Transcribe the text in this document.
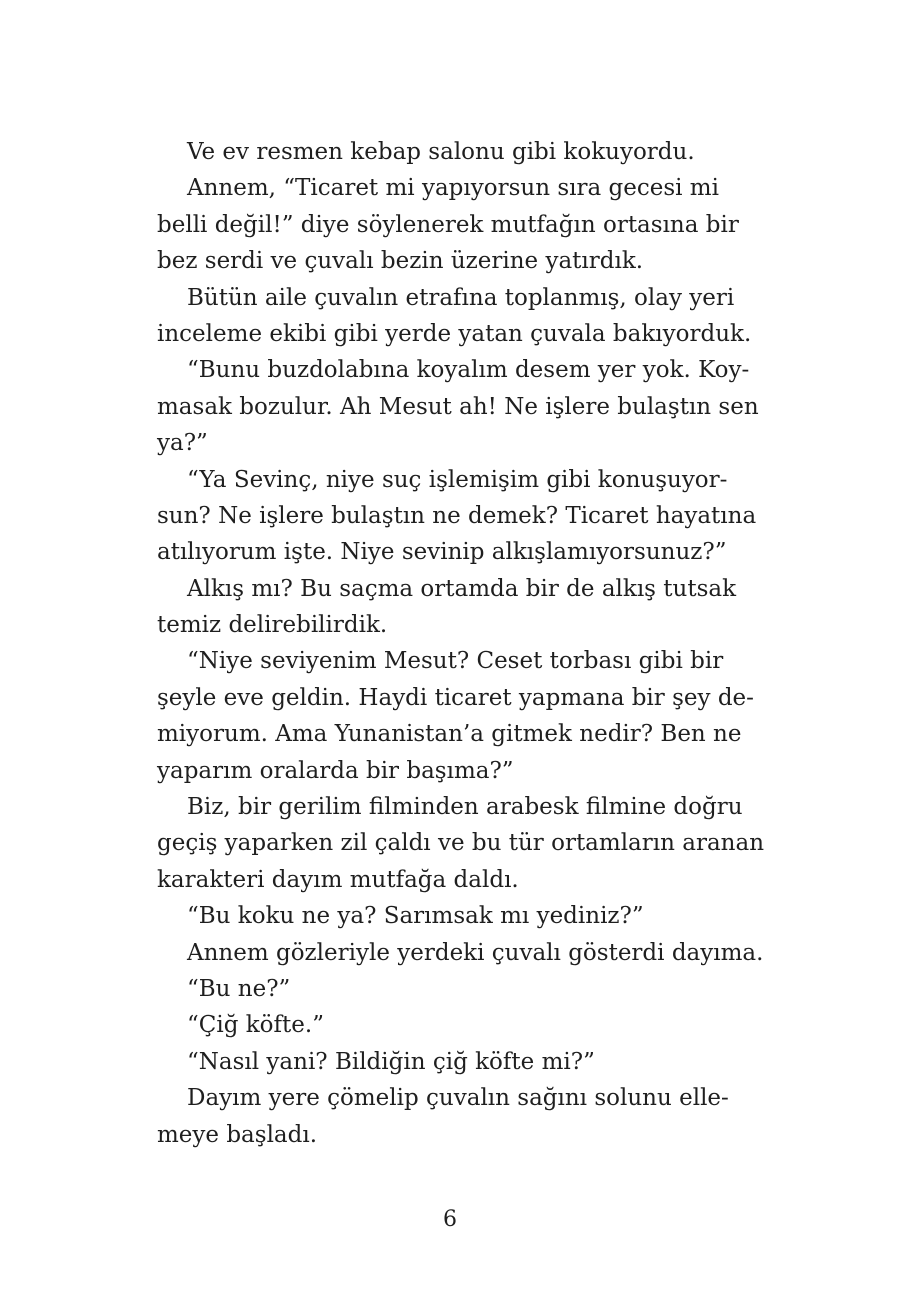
Ve ev resmen kebap salonu gibi kokuyordu.
Annem, “Ticaret mi yapıyorsun sıra gecesi mi
belli değil!” diye söylenerek mutfağın ortasına bir
bez serdi ve çuvalı bezin üzerine yatırdık.
Bütün aile çuvalın etrafına toplanmış, olay yeri
inceleme ekibi gibi yerde yatan çuvala bakıyorduk.
“Bunu buzdolabına koyalım desem yer yok. Koy-
masak bozulur. Ah Mesut ah! Ne işlere bulaştın sen
ya?”
“Ya Sevinç, niye suç işlemişim gibi konuşuyor-
sun? Ne işlere bulaştın ne demek? Ticaret hayatına
atılıyorum işte. Niye sevinip alkışlamıyorsunuz?”
Alkış mı? Bu saçma ortamda bir de alkış tutsak
temiz delirebilirdik.
“Niye seviyenim Mesut? Ceset torbası gibi bir
şeyle eve geldin. Haydi ticaret yapmana bir şey de-
miyorum. Ama Yunanistan’a gitmek nedir? Ben ne
yaparım oralarda bir başıma?”
Biz, bir gerilim filminden arabesk filmine doğru
geçiş yaparken zil çaldı ve bu tür ortamların aranan
karakteri dayım mutfağa daldı.
“Bu koku ne ya? Sarımsak mı yediniz?”
Annem gözleriyle yerdeki çuvalı gösterdi dayıma.
“Bu ne?”
“Çiğ köfte.”
“Nasıl yani? Bildiğin çiğ köfte mi?”
Dayım yere çömelip çuvalın sağını solunu elle-
meye başladı.
6
